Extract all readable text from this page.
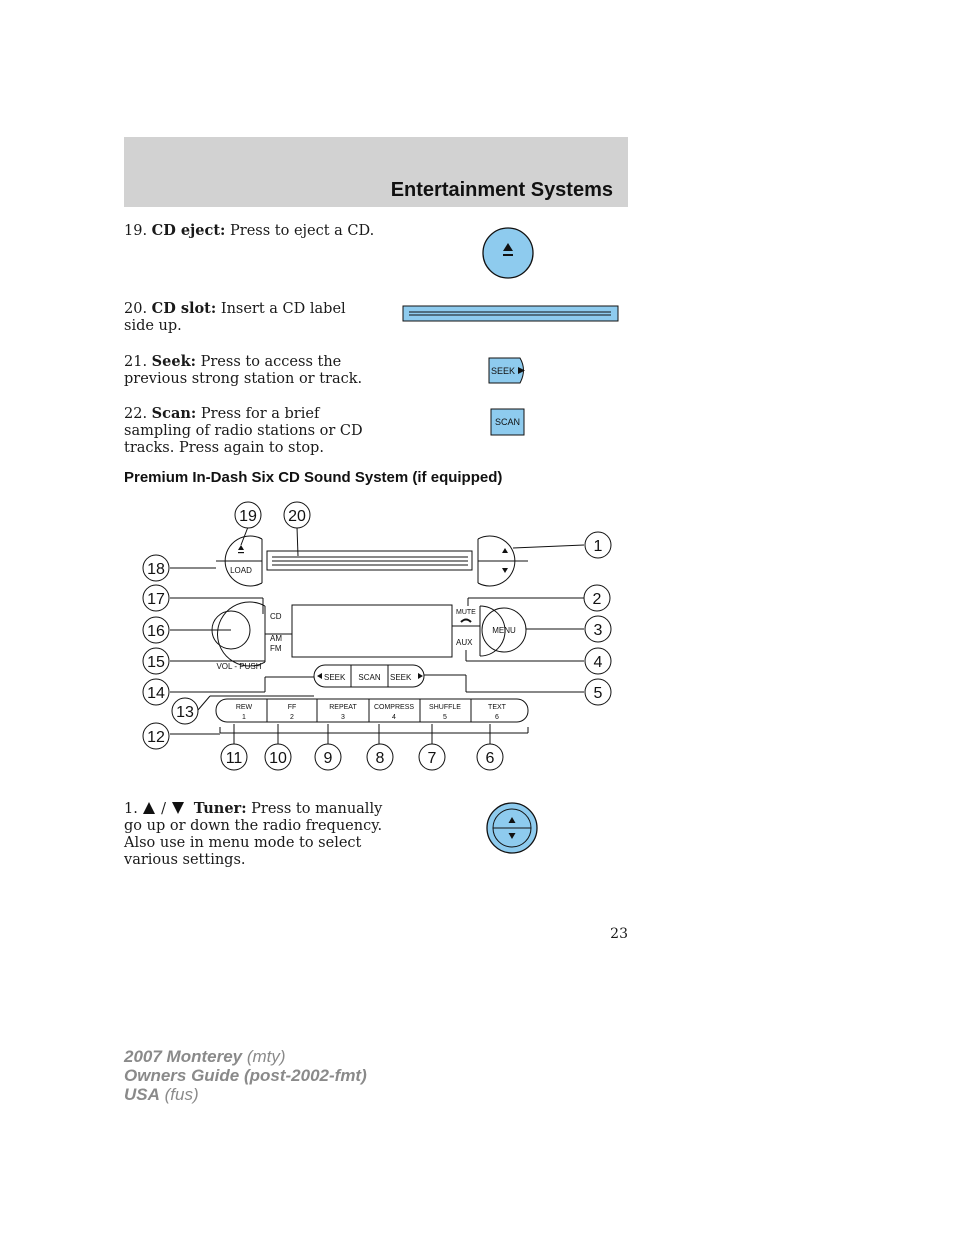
Entertainment Systems
19. CD eject: Press to eject a CD.
20. CD slot: Insert a CD label side up.
21. Seek: Press to access the previous strong station or track.	SEEK
22. Scan: Press for a brief sampling of radio stations or CD tracks. Press again to stop.
SCAN
Premium In-Dash Six CD Sound System (if equipped)
LOAD
CD
AM
FM
VOL - PUSH
MUTE
MENU
AUX
SEEK SCAN SEEK
REW
1
FF
2
REPEAT
3
COMPRESS
4
SHUFFLE
5
TEXT
6
19 20
1
18
2
17
3
16
4
15
5
14
13
12
11 10 9	8	7	6
1. / Tuner: Press to manually go up or down the radio frequency. Also use in menu mode to select various settings.
23
2007 Monterey (mty)
Owners Guide (post-2002-fmt)
USA (fus)
